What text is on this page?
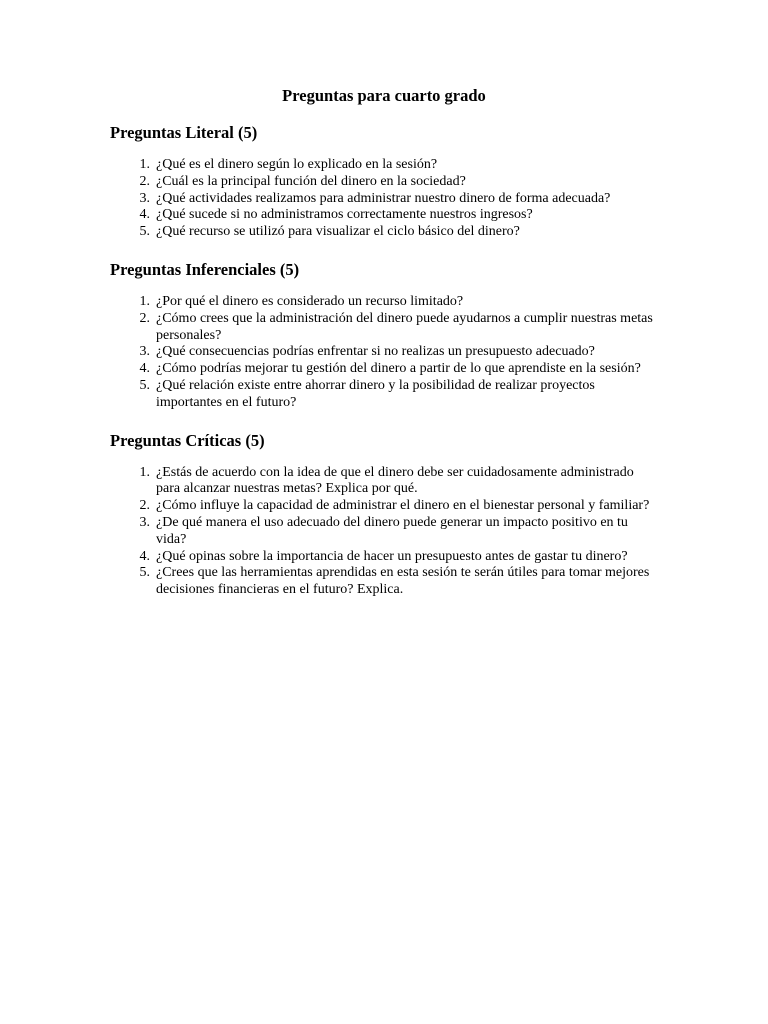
Preguntas para cuarto grado
Preguntas Literal (5)
1. ¿Qué es el dinero según lo explicado en la sesión?
2. ¿Cuál es la principal función del dinero en la sociedad?
3. ¿Qué actividades realizamos para administrar nuestro dinero de forma adecuada?
4. ¿Qué sucede si no administramos correctamente nuestros ingresos?
5. ¿Qué recurso se utilizó para visualizar el ciclo básico del dinero?
Preguntas Inferenciales (5)
1. ¿Por qué el dinero es considerado un recurso limitado?
2. ¿Cómo crees que la administración del dinero puede ayudarnos a cumplir nuestras metas personales?
3. ¿Qué consecuencias podrías enfrentar si no realizas un presupuesto adecuado?
4. ¿Cómo podrías mejorar tu gestión del dinero a partir de lo que aprendiste en la sesión?
5. ¿Qué relación existe entre ahorrar dinero y la posibilidad de realizar proyectos importantes en el futuro?
Preguntas Críticas (5)
1. ¿Estás de acuerdo con la idea de que el dinero debe ser cuidadosamente administrado para alcanzar nuestras metas? Explica por qué.
2. ¿Cómo influye la capacidad de administrar el dinero en el bienestar personal y familiar?
3. ¿De qué manera el uso adecuado del dinero puede generar un impacto positivo en tu vida?
4. ¿Qué opinas sobre la importancia de hacer un presupuesto antes de gastar tu dinero?
5. ¿Crees que las herramientas aprendidas en esta sesión te serán útiles para tomar mejores decisiones financieras en el futuro? Explica.
